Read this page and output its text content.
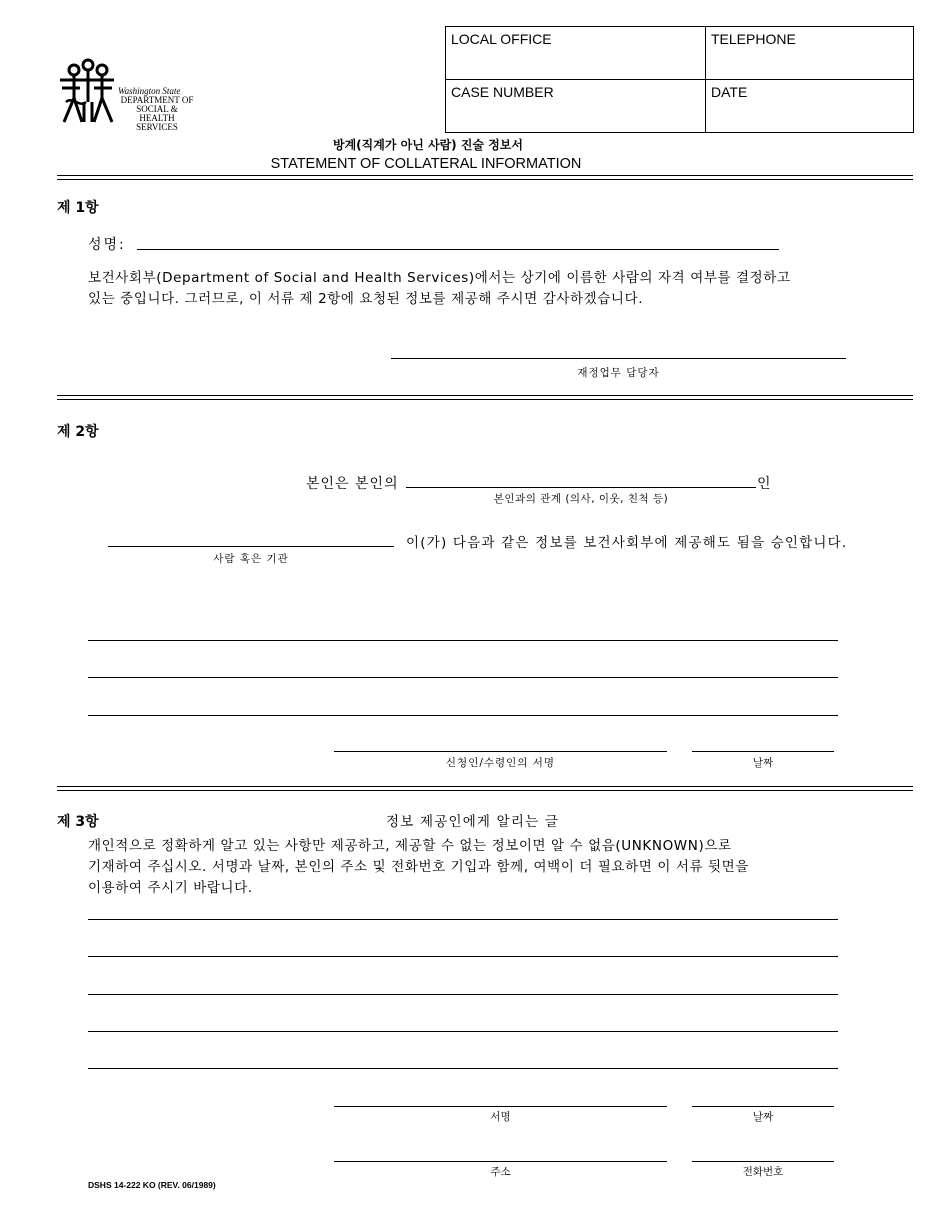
Washington State
DEPARTMENT OF
SOCIAL & HEALTH
SERVICES
LOCAL OFFICE	TELEPHONE
CASE NUMBER	DATE
방계(직계가 아닌 사람) 진술 정보서
STATEMENT OF COLLATERAL INFORMATION
제 1항
성명:
보건사회부(Department of Social and Health Services)에서는 상기에 이름한 사람의 자격 여부를 결정하고
있는 중입니다. 그러므로, 이 서류 제 2항에 요청된 정보를 제공해 주시면 감사하겠습니다.
재정업무 담당자
제 2항
본인은 본인의	인
본인과의 관계 (의사, 이웃, 친척 등)
사람 혹은 기관
이(가) 다음과 같은 정보를 보건사회부에 제공해도 됨을 승인합니다.
신청인/수령인의 서명	날짜
제 3항	정보 제공인에게 알리는 글
개인적으로 정확하게 알고 있는 사항만 제공하고, 제공할 수 없는 정보이면 알 수 없음(UNKNOWN)으로
기재하여 주십시오. 서명과 날짜, 본인의 주소 및 전화번호 기입과 함께, 여백이 더 필요하면 이 서류 뒷면을
이용하여 주시기 바랍니다.
서명	날짜
주소	전화번호
DSHS 14-222 KO (REV. 06/1989)
